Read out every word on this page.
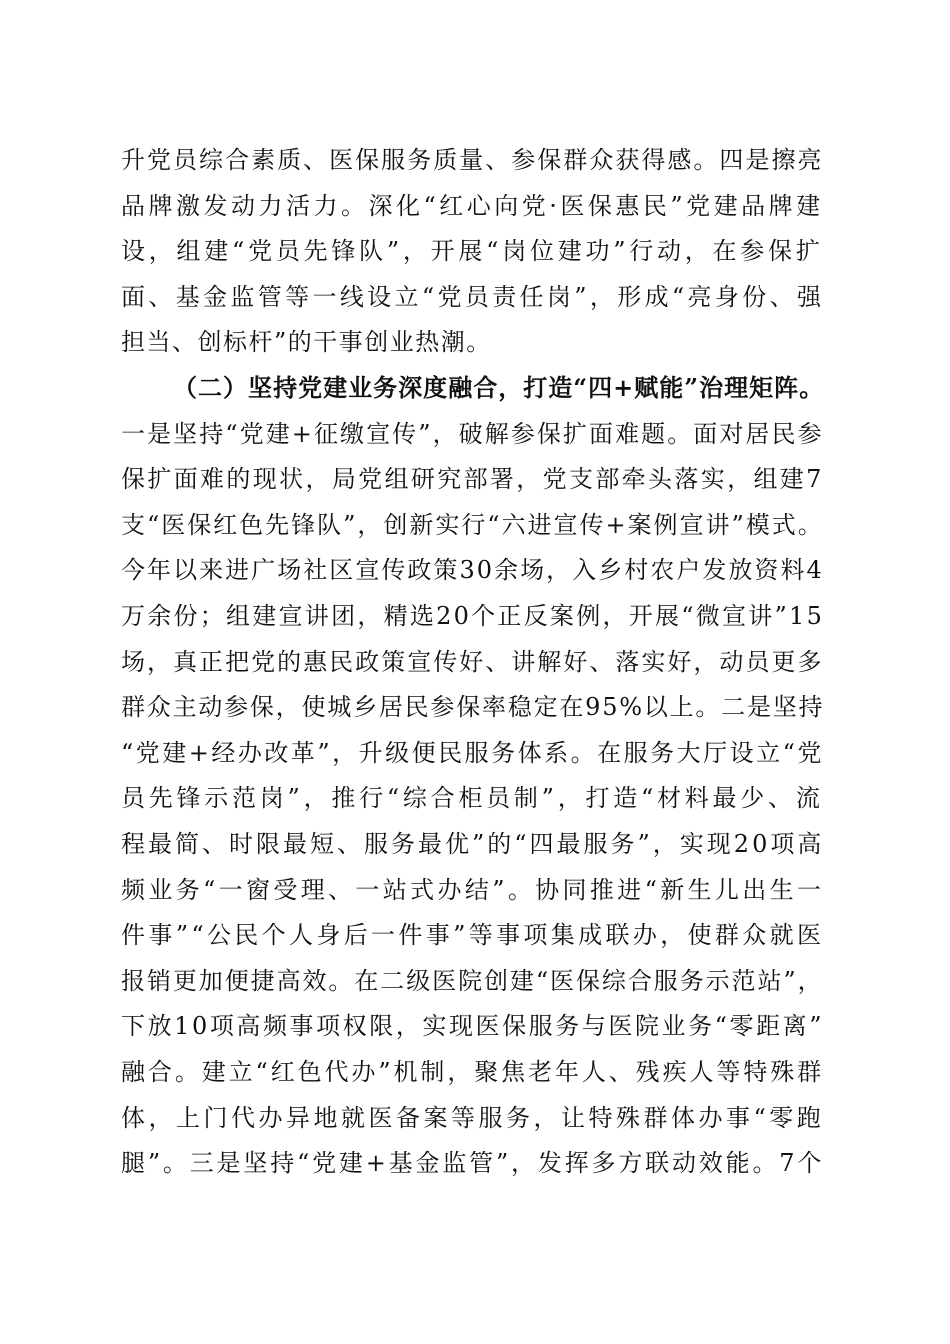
升党员综合素质、医保服务质量、参保群众获得感。四是擦亮
品牌激发动力活力。深化“红心向党·医保惠民”党建品牌建
设，组建“党员先锋队”，开展“岗位建功”行动，在参保扩
面、基金监管等一线设立“党员责任岗”，形成“亮身份、强
担当、创标杆”的干事创业热潮。
（二）坚持党建业务深度融合，打造“四+赋能”治理矩阵。
一是坚持“党建+征缴宣传”，破解参保扩面难题。面对居民参
保扩面难的现状，局党组研究部署，党支部牵头落实，组建7
支“医保红色先锋队”，创新实行“六进宣传+案例宣讲”模式。
今年以来进广场社区宣传政策30余场，入乡村农户发放资料4
万余份；组建宣讲团，精选20个正反案例，开展“微宣讲”15
场，真正把党的惠民政策宣传好、讲解好、落实好，动员更多
群众主动参保，使城乡居民参保率稳定在95%以上。二是坚持
“党建+经办改革”，升级便民服务体系。在服务大厅设立“党
员先锋示范岗”，推行“综合柜员制”，打造“材料最少、流
程最简、时限最短、服务最优”的“四最服务”，实现20项高
频业务“一窗受理、一站式办结”。协同推进“新生儿出生一
件事”“公民个人身后一件事”等事项集成联办，使群众就医
报销更加便捷高效。在二级医院创建“医保综合服务示范站”，
下放10项高频事项权限，实现医保服务与医院业务“零距离”
融合。建立“红色代办”机制，聚焦老年人、残疾人等特殊群
体，上门代办异地就医备案等服务，让特殊群体办事“零跑
腿”。三是坚持“党建+基金监管”，发挥多方联动效能。7个
